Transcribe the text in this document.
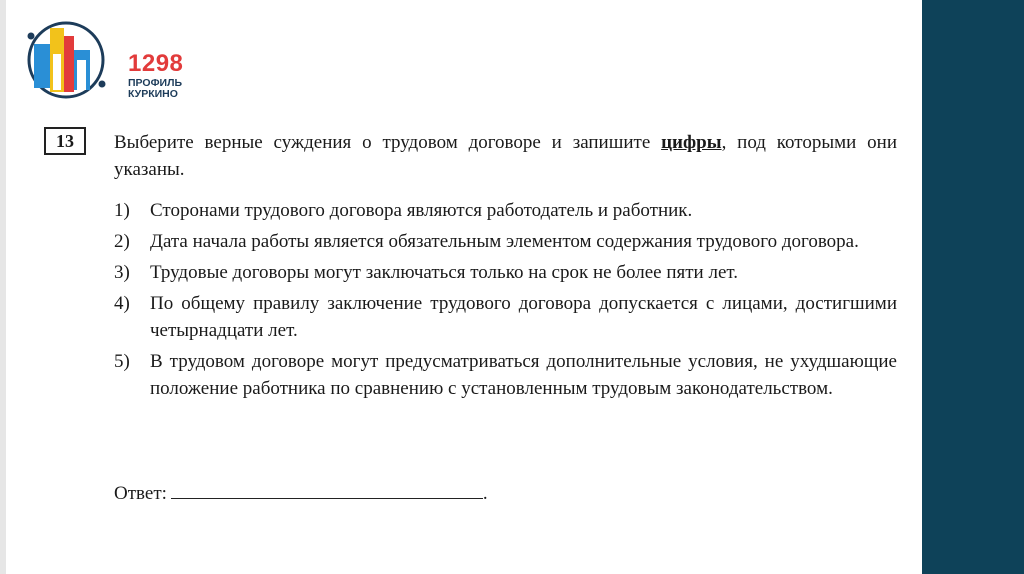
1298
ПРОФИЛЬ
КУРКИНО
13	Выберите верные суждения о трудовом договоре и запишите цифры, под которыми они указаны.

1)	Сторонами трудового договора являются работодатель и работник.
2)	Дата начала работы является обязательным элементом содержания трудового договора.
3)	Трудовые договоры могут заключаться только на срок не более пяти лет.
4)	По общему правилу заключение трудового договора допускается с лицами, достигшими четырнадцати лет.
5)	В трудовом договоре могут предусматриваться дополнительные условия, не ухудшающие положение работника по сравнению с установленным трудовым законодательством.
Ответ:	.
